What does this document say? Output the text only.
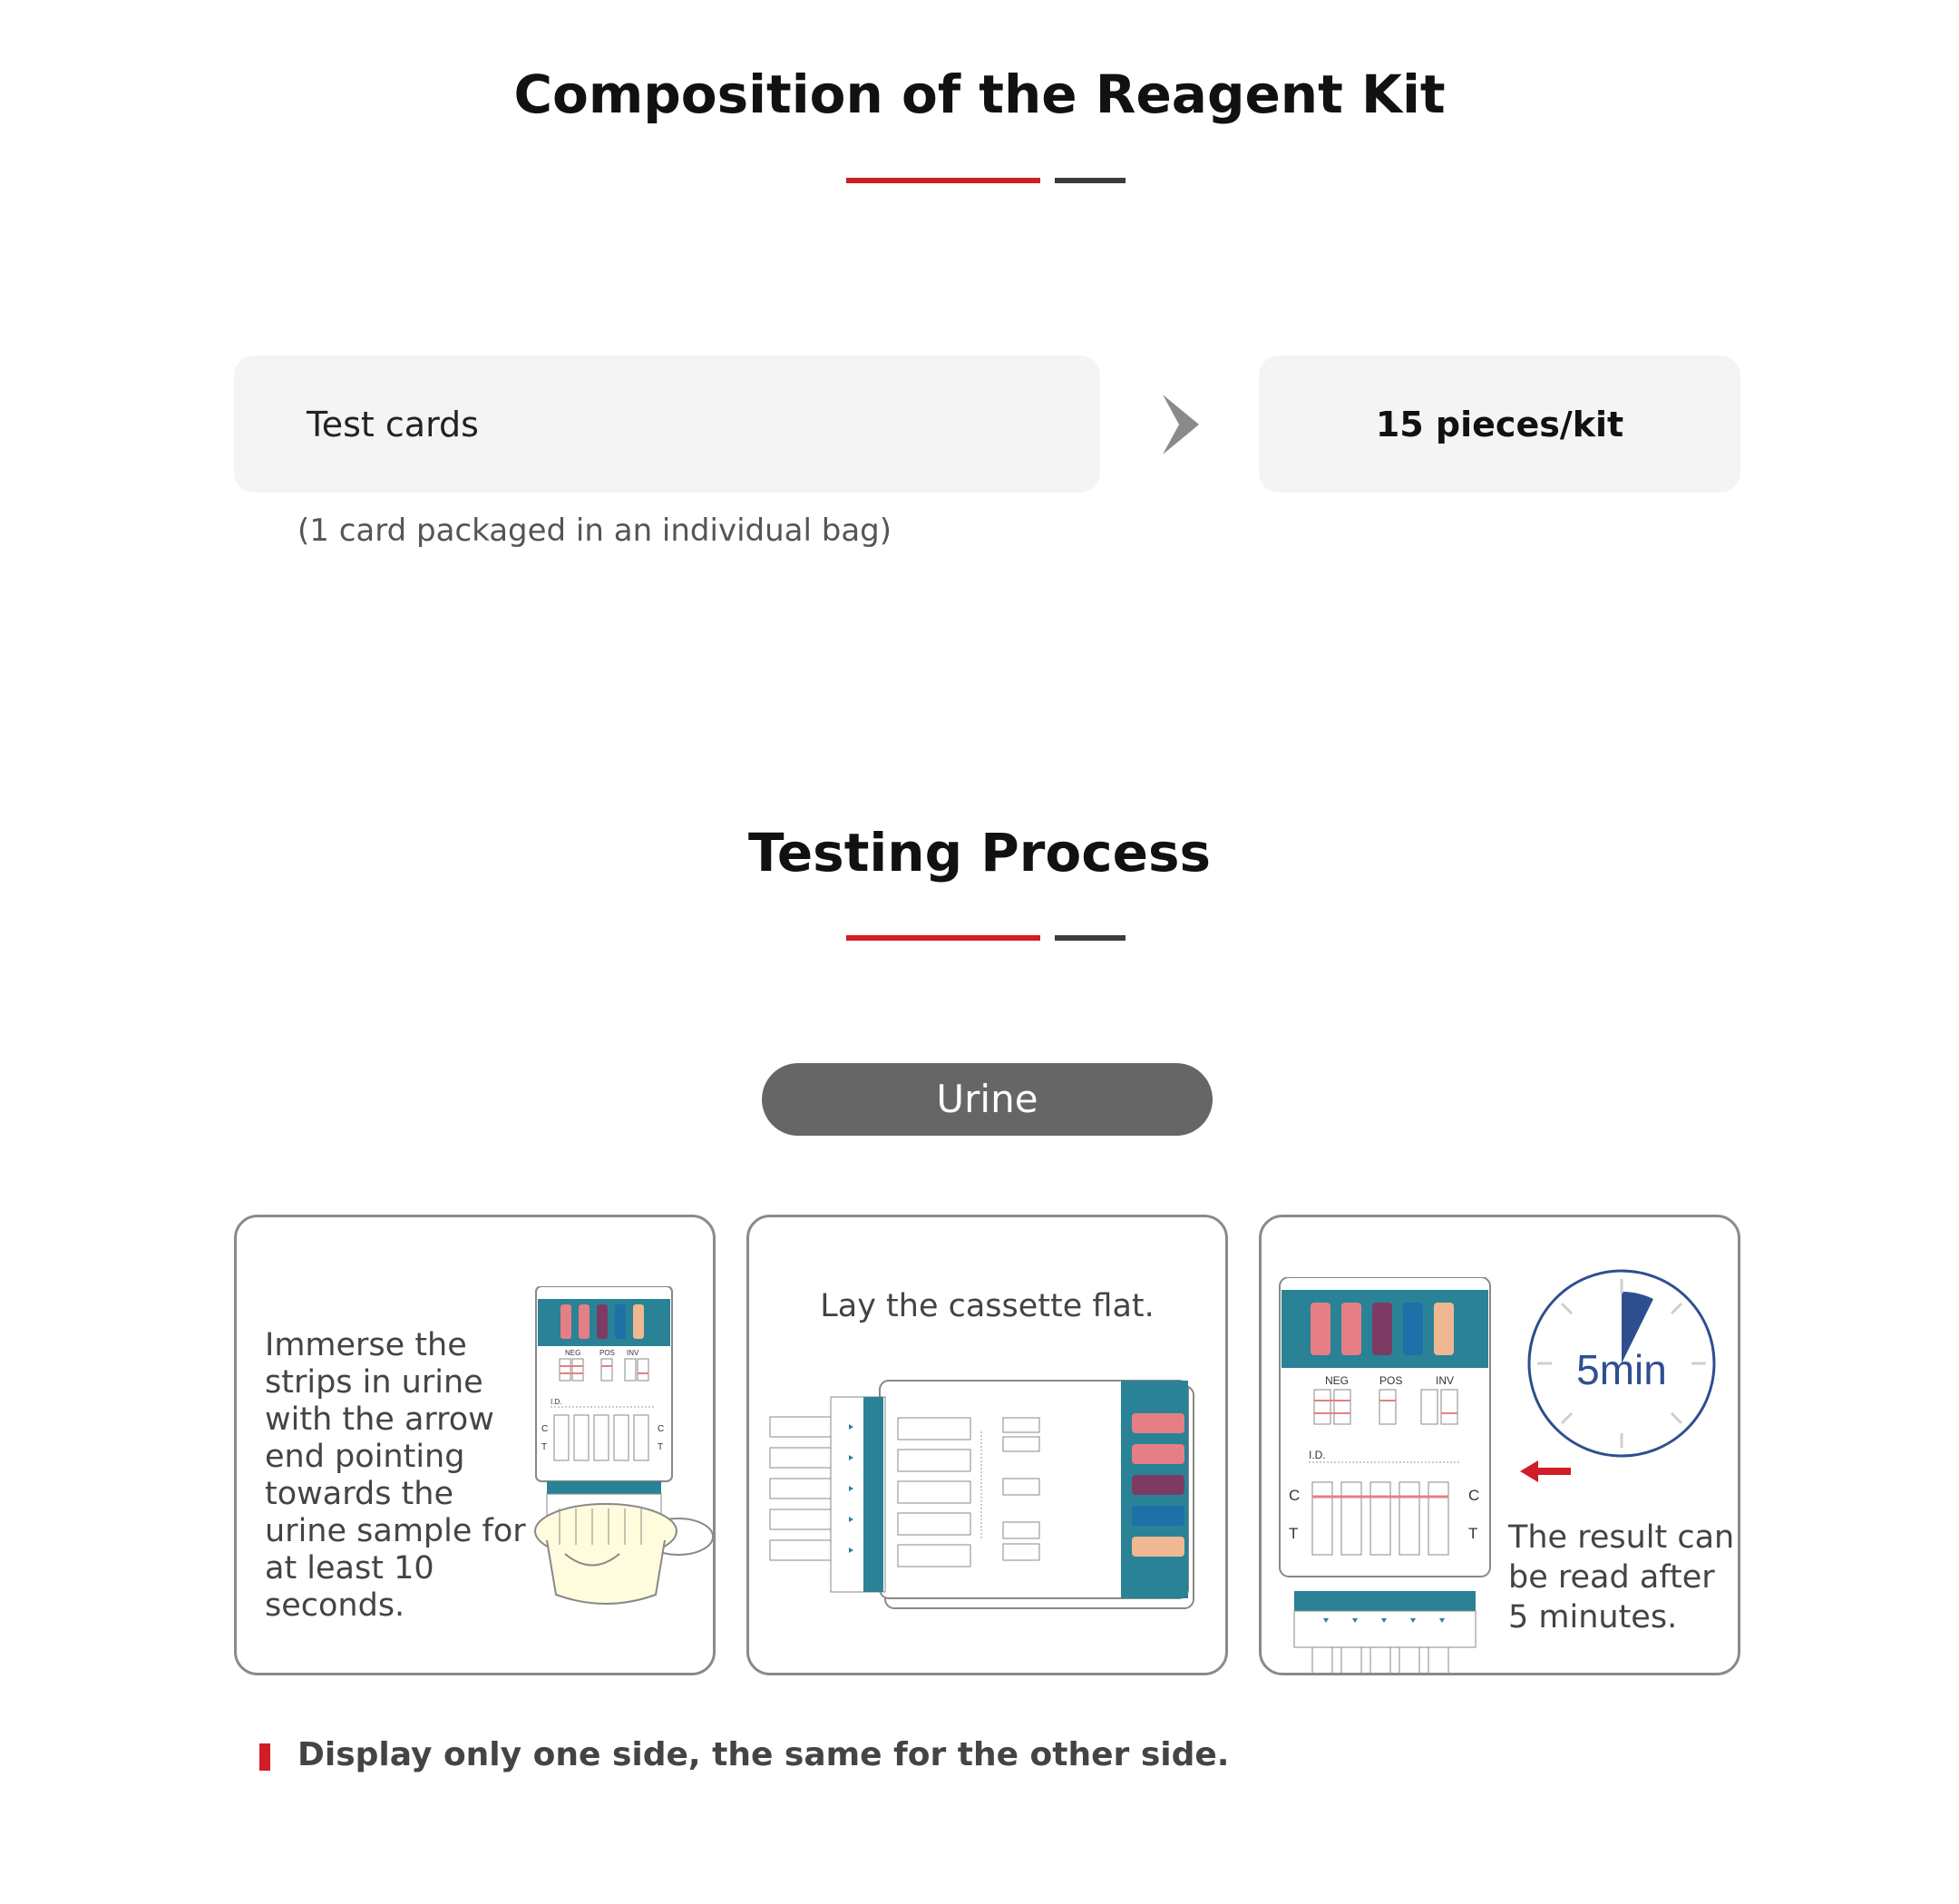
Composition of the Reagent Kit
Test cards	15 pieces/kit
(1 card packaged in an individual bag)
Testing Process
Urine
Immerse the strips in urine with the arrow end pointing towards the urine sample for at least 10 seconds.
NEG	POS INV
I.D.
C
T
C
T
Lay the cassette flat.
NEG	POS	INV
I.D.
C
T
C
T
5min
The result can be read after 5 minutes.
Display only one side, the same for the other side.
